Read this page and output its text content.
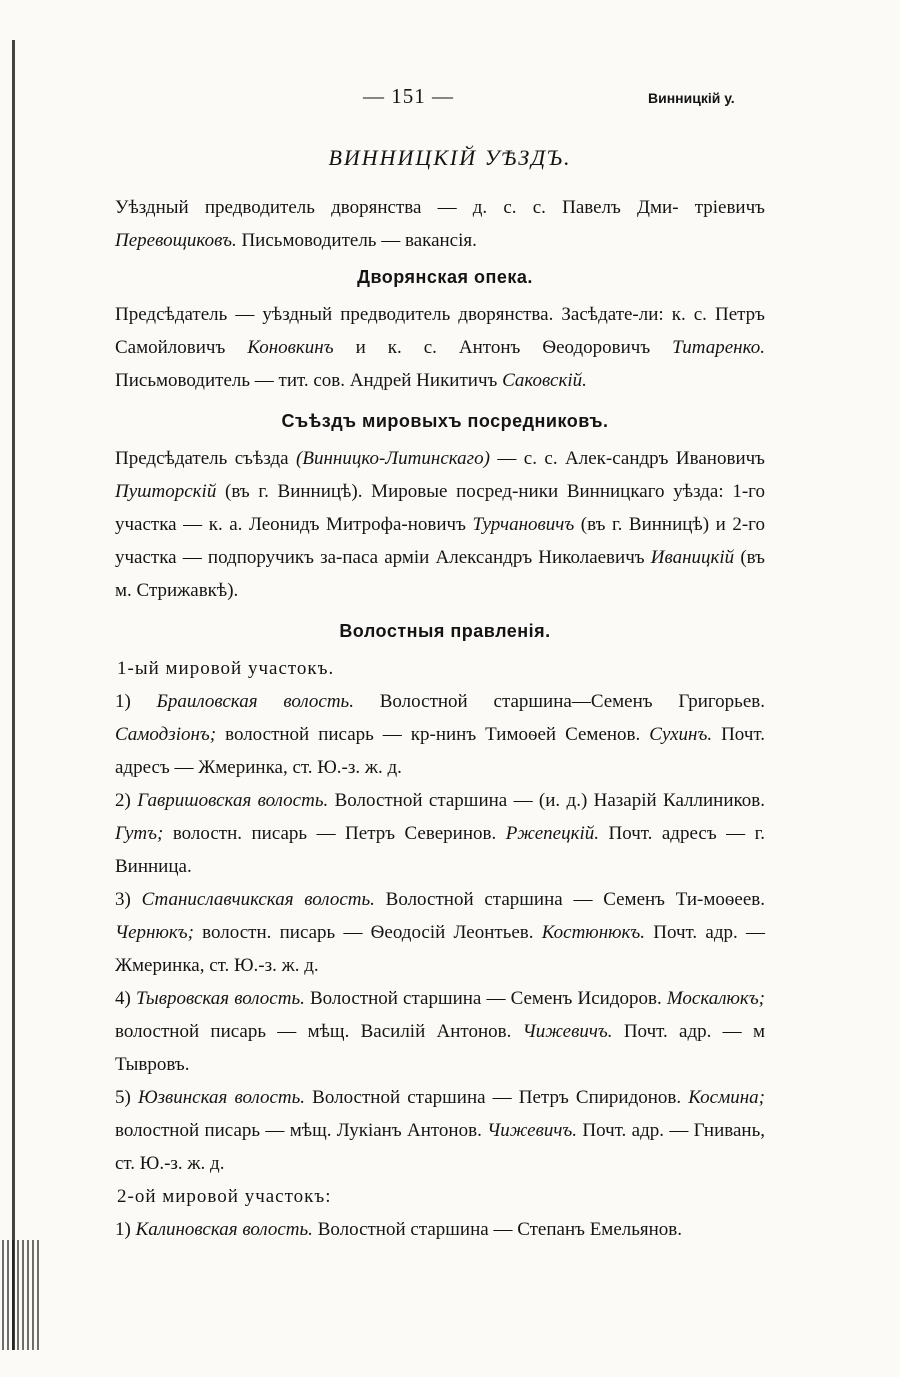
— 151 —	Винницкій у.
ВИННИЦКІЙ УѢЗДЪ.

Уѣздный предводитель дворянства — д. с. с. Павелъ Дми- тріевичъ Перевощиковъ. Письмоводитель — вакансія.

Дворянская опека.

Предсѣдатель — уѣздный предводитель дворянства. Засѣдате-ли: к. с. Петръ Самойловичъ Коновкинъ и к. с. Антонъ Ѳеодоровичъ Титаренко. Письмоводитель — тит. сов. Андрей Никитичъ Саковскій.

Съѣздъ мировыхъ посредниковъ.

Предсѣдатель съѣзда (Винницко-Литинскаго) — с. с. Алек-сандръ Ивановичъ Пушторскій (въ г. Винницѣ). Мировые посред-ники Винницкаго уѣзда: 1-го участка — к. а. Леонидъ Митрофа-новичъ Турчановичъ (въ г. Винницѣ) и 2-го участка — подпоручикъ за-паса арміи Александръ Николаевичъ Иваницкій (въ м. Стрижавкѣ).

Волостныя правленія.

1-ый мировой участокъ.

1) Браиловская волость. Волостной старшина—Семенъ Григорьев. Самодзіонъ; волостной писарь — кр-нинъ Тимоѳей Семенов. Сухинъ. Почт. адресъ — Жмеринка, ст. Ю.-з. ж. д.

2) Гавришовская волость. Волостной старшина — (и. д.) Назарій Каллиников. Гутъ; волостн. писарь — Петръ Северинов. Ржепецкій. Почт. адресъ — г. Винница.

3) Станиславчикская волость. Волостной старшина — Семенъ Ти-моѳеев. Чернюкъ; волостн. писарь — Ѳеодосій Леонтьев. Костюнюкъ. Почт. адр. — Жмеринка, ст. Ю.-з. ж. д.

4) Тывровская волость. Волостной старшина — Семенъ Исидоров. Москалюкъ; волостной писарь — мѣщ. Василій Антонов. Чижевичъ. Почт. адр. — м Тывровъ.

5) Юзвинская волость. Волостной старшина — Петръ Спиридонов. Космина; волостной писарь — мѣщ. Лукіанъ Антонов. Чижевичъ. Почт. адр. — Гнивань, ст. Ю.-з. ж. д.

2-ой мировой участокъ:

1) Калиновская волость. Волостной старшина — Степанъ Емельянов.
